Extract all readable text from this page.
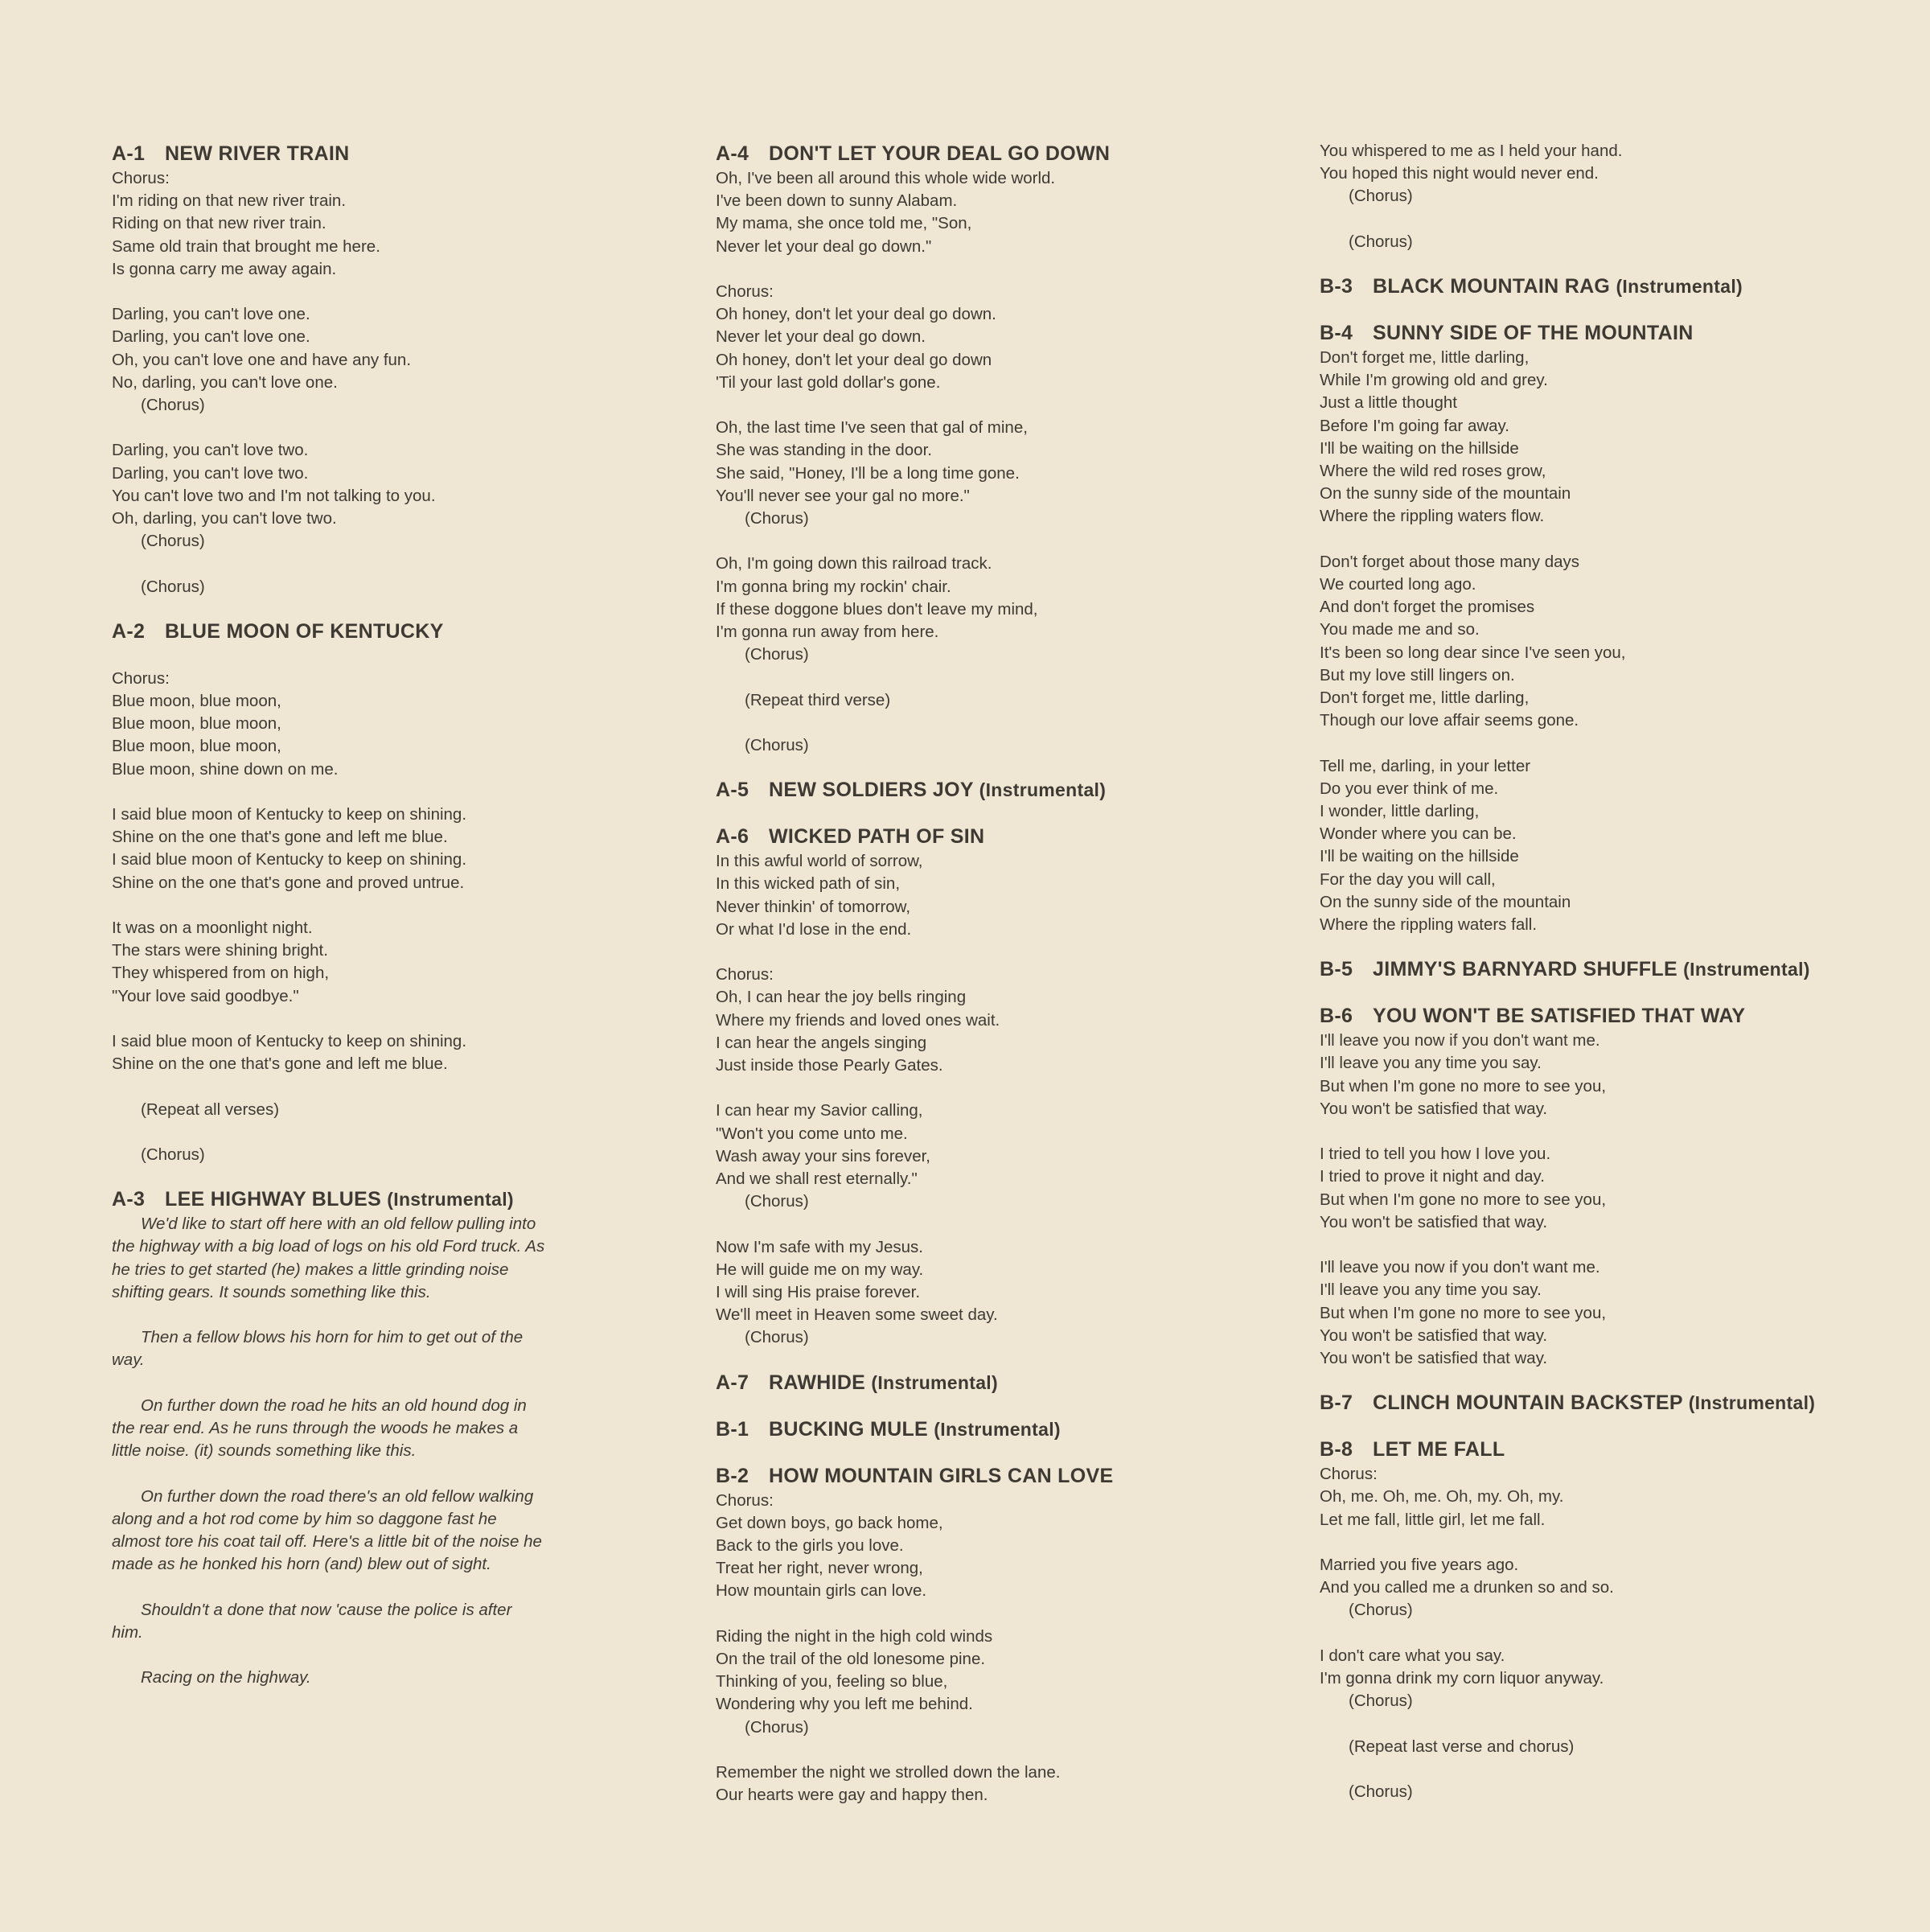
A-1 NEW RIVER TRAIN
Chorus:
I'm riding on that new river train.
Riding on that new river train.
Same old train that brought me here.
Is gonna carry me away again.
Darling, you can't love one.
Darling, you can't love one.
Oh, you can't love one and have any fun.
No, darling, you can't love one.
(Chorus)
Darling, you can't love two.
Darling, you can't love two.
You can't love two and I'm not talking to you.
Oh, darling, you can't love two.
(Chorus)
(Chorus)
A-2 BLUE MOON OF KENTUCKY
Chorus:
Blue moon, blue moon,
Blue moon, blue moon,
Blue moon, blue moon,
Blue moon, shine down on me.
I said blue moon of Kentucky to keep on shining.
Shine on the one that's gone and left me blue.
I said blue moon of Kentucky to keep on shining.
Shine on the one that's gone and proved untrue.
It was on a moonlight night.
The stars were shining bright.
They whispered from on high,
"Your love said goodbye."
I said blue moon of Kentucky to keep on shining.
Shine on the one that's gone and left me blue.
(Repeat all verses)
(Chorus)
A-3 LEE HIGHWAY BLUES (Instrumental)
We'd like to start off here with an old fellow pulling into the highway with a big load of logs on his old Ford truck. As he tries to get started (he) makes a little grinding noise shifting gears. It sounds something like this.
Then a fellow blows his horn for him to get out of the way.
On further down the road he hits an old hound dog in the rear end. As he runs through the woods he makes a little noise. (it) sounds something like this.
On further down the road there's an old fellow walking along and a hot rod come by him so daggone fast he almost tore his coat tail off. Here's a little bit of the noise he made as he honked his horn (and) blew out of sight.
Shouldn't a done that now 'cause the police is after him.
Racing on the highway.
A-4 DON'T LET YOUR DEAL GO DOWN
Oh, I've been all around this whole wide world.
I've been down to sunny Alabam.
My mama, she once told me, "Son,
Never let your deal go down."
Chorus:
Oh honey, don't let your deal go down.
Never let your deal go down.
Oh honey, don't let your deal go down
'Til your last gold dollar's gone.
Oh, the last time I've seen that gal of mine,
She was standing in the door.
She said, "Honey, I'll be a long time gone.
You'll never see your gal no more."
(Chorus)
Oh, I'm going down this railroad track.
I'm gonna bring my rockin' chair.
If these doggone blues don't leave my mind,
I'm gonna run away from here.
(Chorus)
(Repeat third verse)
(Chorus)
A-5 NEW SOLDIERS JOY (Instrumental)
A-6 WICKED PATH OF SIN
In this awful world of sorrow,
In this wicked path of sin,
Never thinkin' of tomorrow,
Or what I'd lose in the end.
Chorus:
Oh, I can hear the joy bells ringing
Where my friends and loved ones wait.
I can hear the angels singing
Just inside those Pearly Gates.
I can hear my Savior calling,
"Won't you come unto me.
Wash away your sins forever,
And we shall rest eternally."
(Chorus)
Now I'm safe with my Jesus.
He will guide me on my way.
I will sing His praise forever.
We'll meet in Heaven some sweet day.
(Chorus)
A-7 RAWHIDE (Instrumental)
B-1 BUCKING MULE (Instrumental)
B-2 HOW MOUNTAIN GIRLS CAN LOVE
Chorus:
Get down boys, go back home,
Back to the girls you love.
Treat her right, never wrong,
How mountain girls can love.
Riding the night in the high cold winds
On the trail of the old lonesome pine.
Thinking of you, feeling so blue,
Wondering why you left me behind.
(Chorus)
Remember the night we strolled down the lane.
Our hearts were gay and happy then.
You whispered to me as I held your hand.
You hoped this night would never end.
(Chorus)
(Chorus)
B-3 BLACK MOUNTAIN RAG (Instrumental)
B-4 SUNNY SIDE OF THE MOUNTAIN
Don't forget me, little darling,
While I'm growing old and grey.
Just a little thought
Before I'm going far away.
I'll be waiting on the hillside
Where the wild red roses grow,
On the sunny side of the mountain
Where the rippling waters flow.
Don't forget about those many days
We courted long ago.
And don't forget the promises
You made me and so.
It's been so long dear since I've seen you,
But my love still lingers on.
Don't forget me, little darling,
Though our love affair seems gone.
Tell me, darling, in your letter
Do you ever think of me.
I wonder, little darling,
Wonder where you can be.
I'll be waiting on the hillside
For the day you will call,
On the sunny side of the mountain
Where the rippling waters fall.
B-5 JIMMY'S BARNYARD SHUFFLE (Instrumental)
B-6 YOU WON'T BE SATISFIED THAT WAY
I'll leave you now if you don't want me.
I'll leave you any time you say.
But when I'm gone no more to see you,
You won't be satisfied that way.
I tried to tell you how I love you.
I tried to prove it night and day.
But when I'm gone no more to see you,
You won't be satisfied that way.
I'll leave you now if you don't want me.
I'll leave you any time you say.
But when I'm gone no more to see you,
You won't be satisfied that way.
You won't be satisfied that way.
B-7 CLINCH MOUNTAIN BACKSTEP (Instrumental)
B-8 LET ME FALL
Chorus:
Oh, me. Oh, me. Oh, my. Oh, my.
Let me fall, little girl, let me fall.
Married you five years ago.
And you called me a drunken so and so.
(Chorus)
I don't care what you say.
I'm gonna drink my corn liquor anyway.
(Chorus)
(Repeat last verse and chorus)
(Chorus)
